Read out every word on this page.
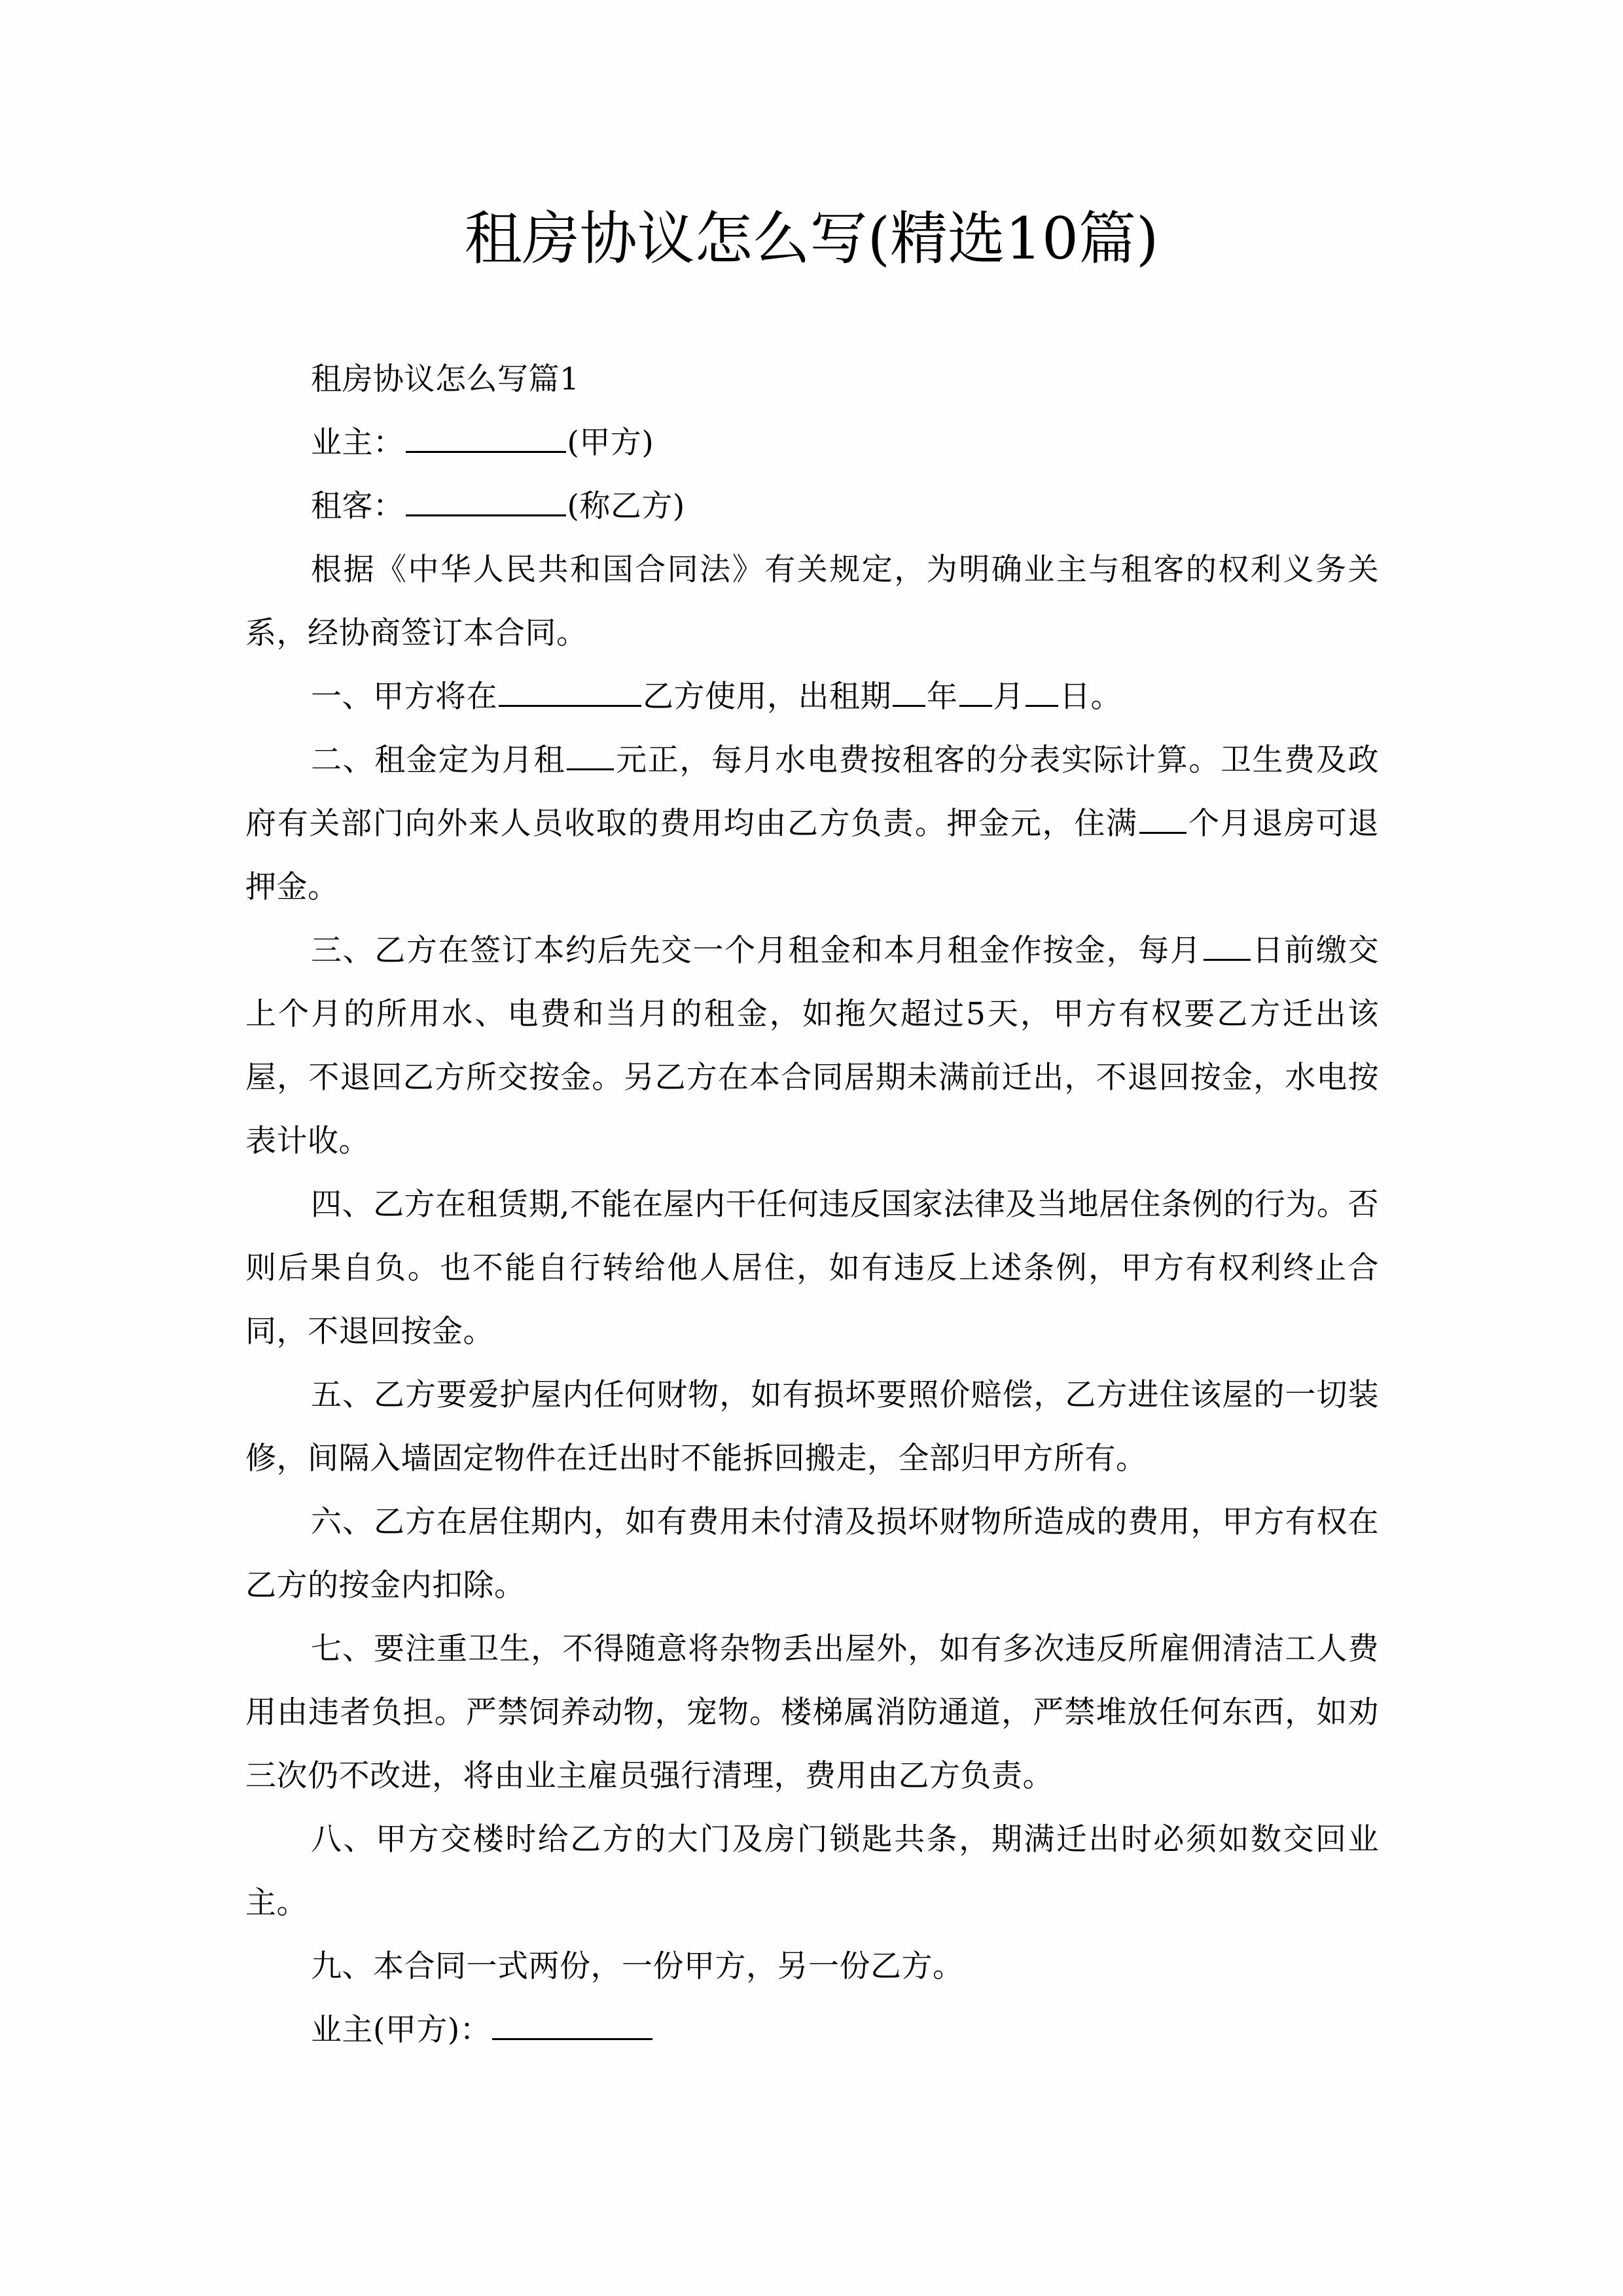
租房协议怎么写(精选10篇)

租房协议怎么写篇1

业主：	(甲方)

租客：	(称乙方)

根据《中华人民共和国合同法》有关规定，为明确业主与租客的权利义务关系，经协商签订本合同。

一、甲方将在	乙方使用，出租期 年 月 日。

二、租金定为月租 元正，每月水电费按租客的分表实际计算。卫生费及政府有关部门向外来人员收取的费用均由乙方负责。押金元，住满 个月退房可退押金。

三、乙方在签订本约后先交一个月租金和本月租金作按金，每月 日前缴交上个月的所用水、电费和当月的租金，如拖欠超过5天，甲方有权要乙方迁出该屋，不退回乙方所交按金。另乙方在本合同居期未满前迁出，不退回按金，水电按表计收。

四、乙方在租赁期,不能在屋内干任何违反国家法律及当地居住条例的行为。否则后果自负。也不能自行转给他人居住，如有违反上述条例，甲方有权利终止合同，不退回按金。

五、乙方要爱护屋内任何财物，如有损坏要照价赔偿，乙方进住该屋的一切装修，间隔入墙固定物件在迁出时不能拆回搬走，全部归甲方所有。

六、乙方在居住期内，如有费用未付清及损坏财物所造成的费用，甲方有权在乙方的按金内扣除。

七、要注重卫生，不得随意将杂物丢出屋外，如有多次违反所雇佣清洁工人费用由违者负担。严禁饲养动物，宠物。楼梯属消防通道，严禁堆放任何东西，如劝三次仍不改进，将由业主雇员强行清理，费用由乙方负责。

八、甲方交楼时给乙方的大门及房门锁匙共条，期满迁出时必须如数交回业主。

九、本合同一式两份，一份甲方，另一份乙方。

业主(甲方)：
